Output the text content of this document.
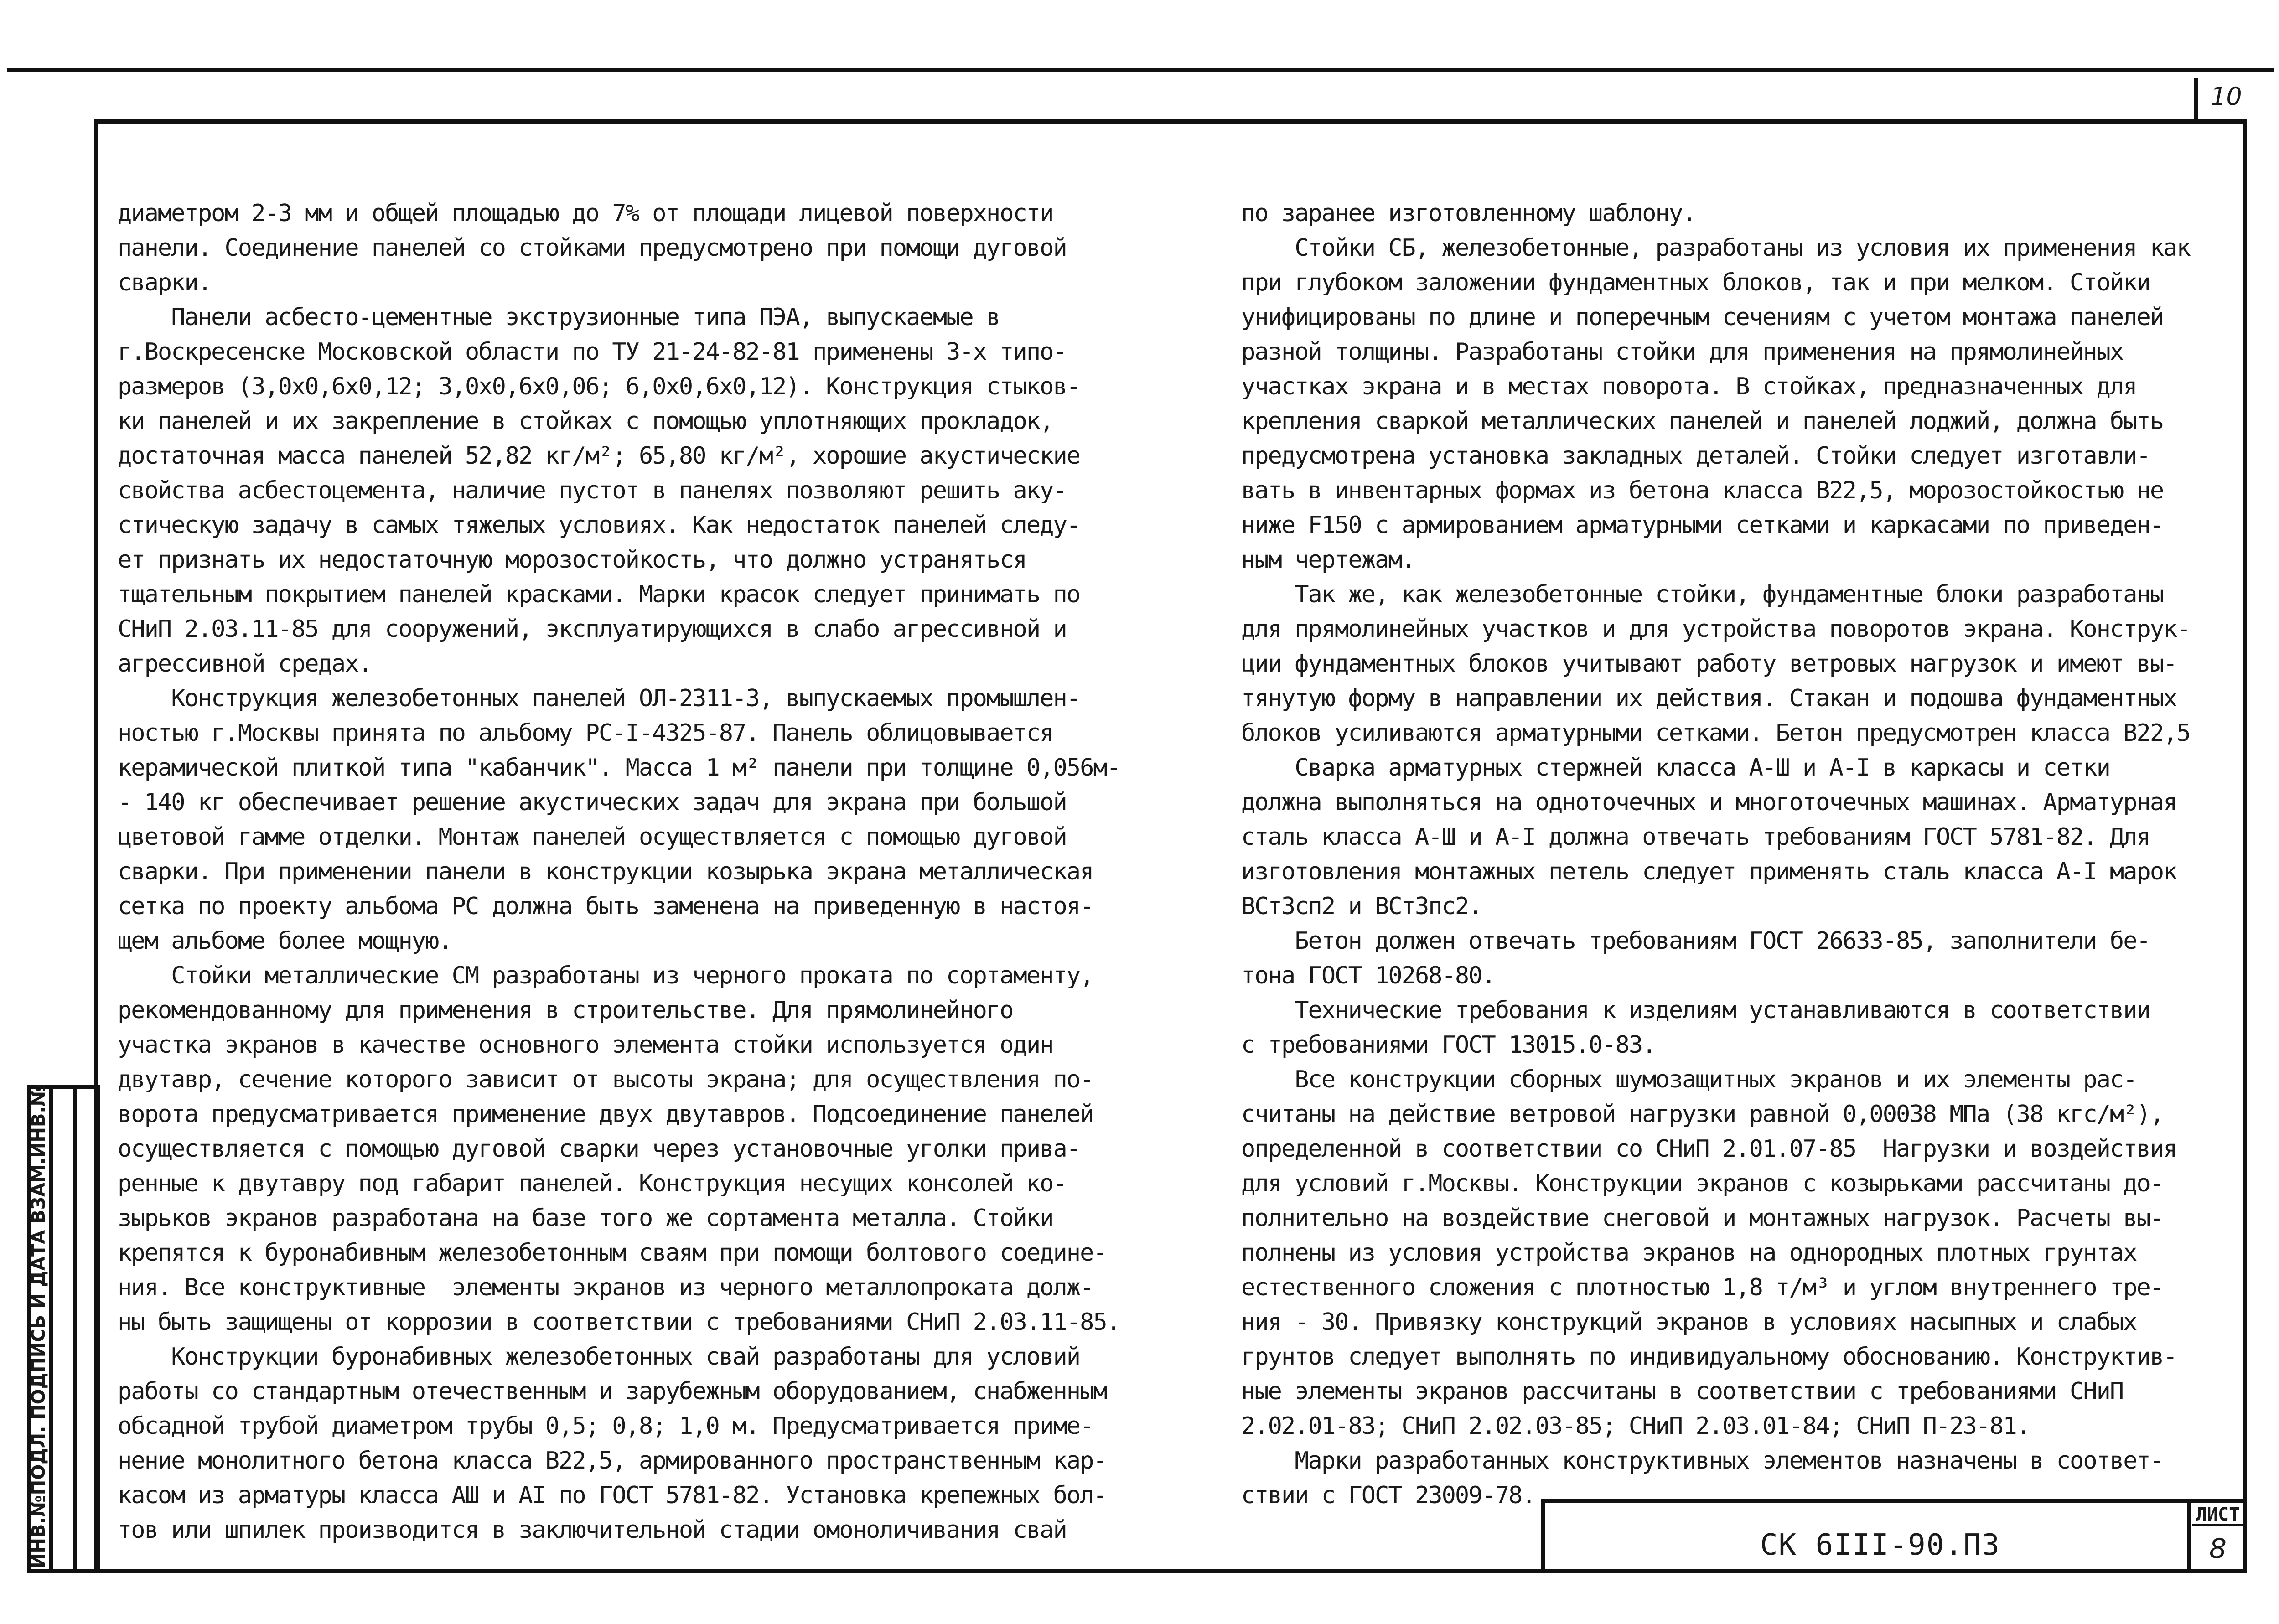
10

диаметром 2-3 мм и общей площадью до 7% от площади лицевой поверхности

панели. Соединение панелей со стойками предусмотрено при помощи дуговой

сварки.

Панели асбесто-цементные экструзионные типа ПЭА, выпускаемые в

г.Воскресенске Московской области по ТУ 21-24-82-81 применены 3-х типо-

размеров (3,0х0,6х0,12; 3,0х0,6х0,06; 6,0х0,6х0,12). Конструкция стыков-

ки панелей и их закрепление в стойках с помощью уплотняющих прокладок,

достаточная масса панелей 52,82 кг/м²; 65,80 кг/м², хорошие акустические

свойства асбестоцемента, наличие пустот в панелях позволяют решить аку-

стическую задачу в самых тяжелых условиях. Как недостаток панелей следу-

ет признать их недостаточную морозостойкость, что должно устраняться

тщательным покрытием панелей красками. Марки красок следует принимать по

СНиП 2.03.11-85 для сооружений, эксплуатирующихся в слабо агрессивной и

агрессивной средах.

Конструкция железобетонных панелей ОЛ-2311-3, выпускаемых промышлен-

ностью г.Москвы принята по альбому РС-I-4325-87. Панель облицовывается

керамической плиткой типа "кабанчик". Масса 1 м² панели при толщине 0,056м-

- 140 кг обеспечивает решение акустических задач для экрана при большой

цветовой гамме отделки. Монтаж панелей осуществляется с помощью дуговой

сварки. При применении панели в конструкции козырька экрана металлическая

сетка по проекту альбома РС должна быть заменена на приведенную в настоя-

щем альбоме более мощную.

Стойки металлические СМ разработаны из черного проката по сортаменту,

рекомендованному для применения в строительстве. Для прямолинейного

участка экранов в качестве основного элемента стойки используется один

двутавр, сечение которого зависит от высоты экрана; для осуществления по-

ворота предусматривается применение двух двутавров. Подсоединение панелей

осуществляется с помощью дуговой сварки через установочные уголки прива-

ренные к двутавру под габарит панелей. Конструкция несущих консолей ко-

зырьков экранов разработана на базе того же сортамента металла. Стойки

крепятся к буронабивным железобетонным сваям при помощи болтового соедине-

ния. Все конструктивные  элементы экранов из черного металлопроката долж-

ны быть защищены от коррозии в соответствии с требованиями СНиП 2.03.11-85.

Конструкции буронабивных железобетонных свай разработаны для условий

работы со стандартным отечественным и зарубежным оборудованием, снабженным

обсадной трубой диаметром трубы 0,5; 0,8; 1,0 м. Предусматривается приме-

нение монолитного бетона класса В22,5, армированного пространственным кар-

касом из арматуры класса АШ и АI по ГОСТ 5781-82. Установка крепежных бол-

тов или шпилек производится в заключительной стадии омоноличивания свай

по заранее изготовленному шаблону.

Стойки СБ, железобетонные, разработаны из условия их применения как

при глубоком заложении фундаментных блоков, так и при мелком. Стойки

унифицированы по длине и поперечным сечениям с учетом монтажа панелей

разной толщины. Разработаны стойки для применения на прямолинейных

участках экрана и в местах поворота. В стойках, предназначенных для

крепления сваркой металлических панелей и панелей лоджий, должна быть

предусмотрена установка закладных деталей. Стойки следует изготавли-

вать в инвентарных формах из бетона класса В22,5, морозостойкостью не

ниже F150 с армированием арматурными сетками и каркасами по приведен-

ным чертежам.

Так же, как железобетонные стойки, фундаментные блоки разработаны

для прямолинейных участков и для устройства поворотов экрана. Конструк-

ции фундаментных блоков учитывают работу ветровых нагрузок и имеют вы-

тянутую форму в направлении их действия. Стакан и подошва фундаментных

блоков усиливаются арматурными сетками. Бетон предусмотрен класса В22,5

Сварка арматурных стержней класса А-Ш и А-I в каркасы и сетки

должна выполняться на одноточечных и многоточечных машинах. Арматурная

сталь класса А-Ш и А-I должна отвечать требованиям ГОСТ 5781-82. Для

изготовления монтажных петель следует применять сталь класса А-I марок

ВСт3сп2 и ВСт3пс2.

Бетон должен отвечать требованиям ГОСТ 26633-85, заполнители бе-

тона ГОСТ 10268-80.

Технические требования к изделиям устанавливаются в соответствии

с требованиями ГОСТ 13015.0-83.

Все конструкции сборных шумозащитных экранов и их элементы рас-

считаны на действие ветровой нагрузки равной 0,00038 МПа (38 кгс/м²),

определенной в соответствии со СНиП 2.01.07-85  Нагрузки и воздействия

для условий г.Москвы. Конструкции экранов с козырьками рассчитаны до-

полнительно на воздействие снеговой и монтажных нагрузок. Расчеты вы-

полнены из условия устройства экранов на однородных плотных грунтах

естественного сложения с плотностью 1,8 т/м³ и углом внутреннего тре-

ния - 30. Привязку конструкций экранов в условиях насыпных и слабых

грунтов следует выполнять по индивидуальному обоснованию. Конструктив-

ные элементы экранов рассчитаны в соответствии с требованиями СНиП

2.02.01-83; СНиП 2.02.03-85; СНиП 2.03.01-84; СНиП П-23-81.

Марки разработанных конструктивных элементов назначены в соответ-

ствии с ГОСТ 23009-78.

СК 6III-90.ПЗ
ЛИСТ
8
ИНВ.№ПОДЛ. ПОДПИСЬ И ДАТА ВЗАМ.ИНВ.№
